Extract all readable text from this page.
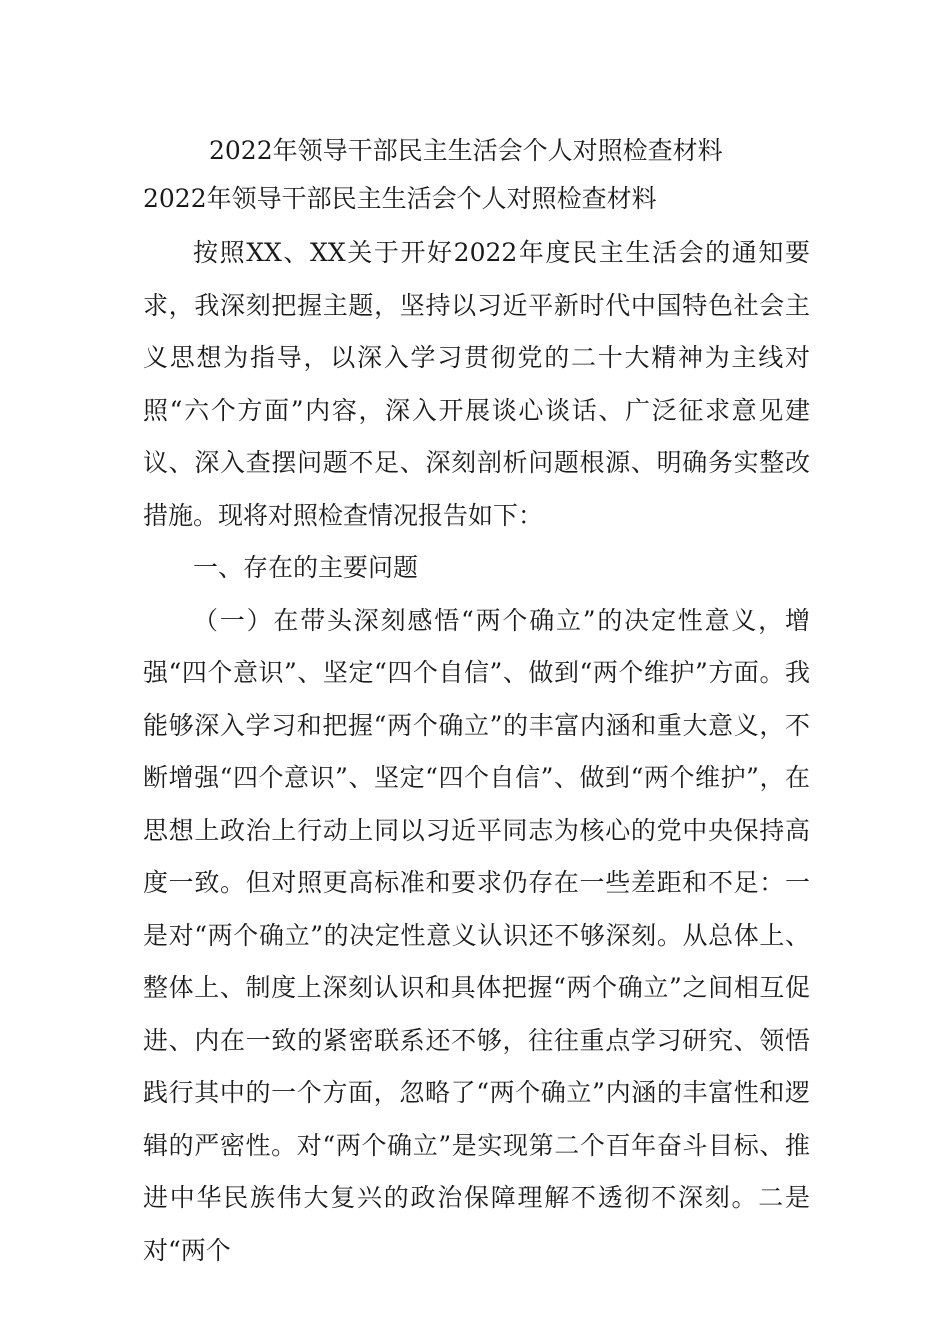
2022年领导干部民主生活会个人对照检查材料
2022年领导干部民主生活会个人对照检查材料

按照XX、XX关于开好2022年度民主生活会的通知要求，我深刻把握主题，坚持以习近平新时代中国特色社会主义思想为指导，以深入学习贯彻党的二十大精神为主线对照“六个方面”内容，深入开展谈心谈话、广泛征求意见建议、深入查摆问题不足、深刻剖析问题根源、明确务实整改措施。现将对照检查情况报告如下：

一、存在的主要问题

（一）在带头深刻感悟“两个确立”的决定性意义，增强“四个意识”、坚定“四个自信”、做到“两个维护”方面。我能够深入学习和把握“两个确立”的丰富内涵和重大意义，不断增强“四个意识”、坚定“四个自信”、做到“两个维护”，在思想上政治上行动上同以习近平同志为核心的党中央保持高度一致。但对照更高标准和要求仍存在一些差距和不足：一是对“两个确立”的决定性意义认识还不够深刻。从总体上、整体上、制度上深刻认识和具体把握“两个确立”之间相互促进、内在一致的紧密联系还不够，往往重点学习研究、领悟践行其中的一个方面，忽略了“两个确立”内涵的丰富性和逻辑的严密性。对“两个确立”是实现第二个百年奋斗目标、推进中华民族伟大复兴的政治保障理解不透彻不深刻。二是对“两个
